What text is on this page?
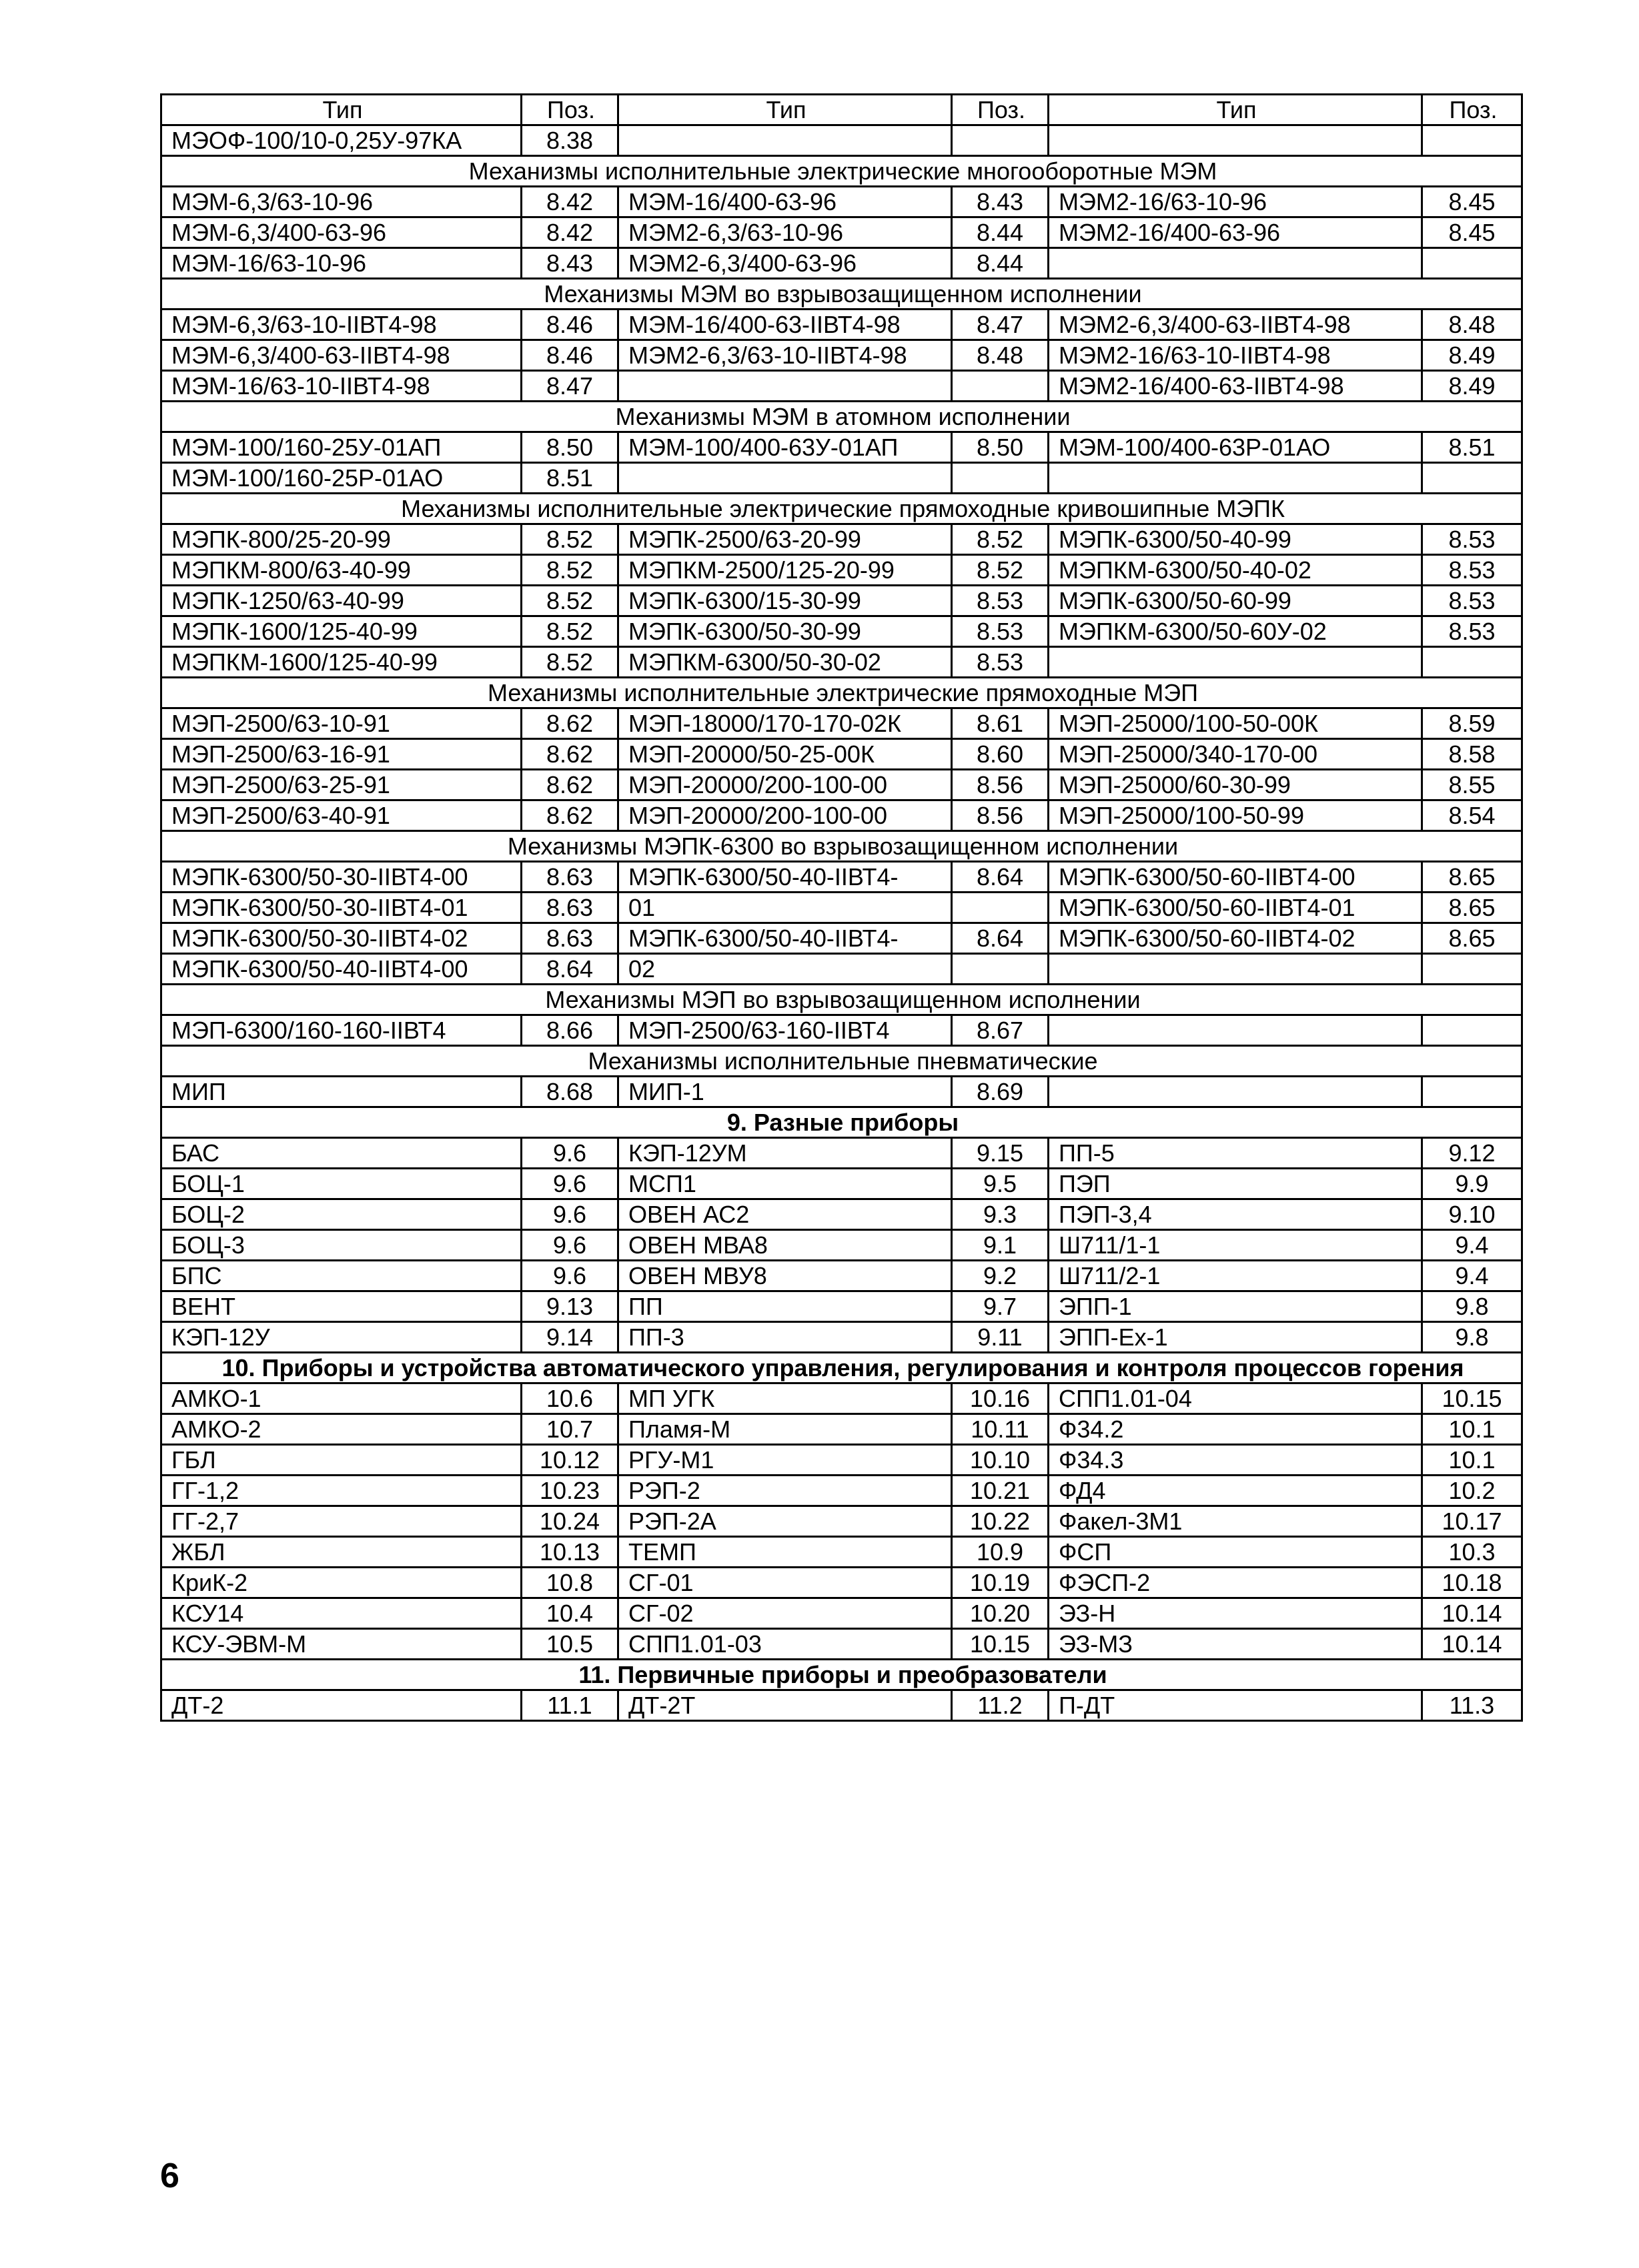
Тип	Поз.	Тип	Поз.	Тип	Поз.
МЭОФ-100/10-0,25У-97КА	8.38				
Механизмы исполнительные электрические многооборотные МЭМ					
МЭМ-6,3/63-10-96	8.42	МЭМ-16/400-63-96	8.43	МЭМ2-16/63-10-96	8.45
МЭМ-6,3/400-63-96	8.42	МЭМ2-6,3/63-10-96	8.44	МЭМ2-16/400-63-96	8.45
МЭМ-16/63-10-96	8.43	МЭМ2-6,3/400-63-96	8.44		
Механизмы МЭМ во взрывозащищенном исполнении					
МЭМ-6,3/63-10-IIВТ4-98	8.46	МЭМ-16/400-63-IIВТ4-98	8.47	МЭМ2-6,3/400-63-IIВТ4-98	8.48
МЭМ-6,3/400-63-IIВТ4-98	8.46	МЭМ2-6,3/63-10-IIВТ4-98	8.48	МЭМ2-16/63-10-IIВТ4-98	8.49
МЭМ-16/63-10-IIВТ4-98	8.47			МЭМ2-16/400-63-IIВТ4-98	8.49
Механизмы МЭМ в атомном исполнении					
МЭМ-100/160-25У-01АП	8.50	МЭМ-100/400-63У-01АП	8.50	МЭМ-100/400-63Р-01АО	8.51
МЭМ-100/160-25Р-01АО	8.51				
Механизмы исполнительные электрические прямоходные кривошипные МЭПК					
МЭПК-800/25-20-99	8.52	МЭПК-2500/63-20-99	8.52	МЭПК-6300/50-40-99	8.53
МЭПКМ-800/63-40-99	8.52	МЭПКМ-2500/125-20-99	8.52	МЭПКМ-6300/50-40-02	8.53
МЭПК-1250/63-40-99	8.52	МЭПК-6300/15-30-99	8.53	МЭПК-6300/50-60-99	8.53
МЭПК-1600/125-40-99	8.52	МЭПК-6300/50-30-99	8.53	МЭПКМ-6300/50-60У-02	8.53
МЭПКМ-1600/125-40-99	8.52	МЭПКМ-6300/50-30-02	8.53		
Механизмы исполнительные электрические прямоходные МЭП					
МЭП-2500/63-10-91	8.62	МЭП-18000/170-170-02К	8.61	МЭП-25000/100-50-00К	8.59
МЭП-2500/63-16-91	8.62	МЭП-20000/50-25-00К	8.60	МЭП-25000/340-170-00	8.58
МЭП-2500/63-25-91	8.62	МЭП-20000/200-100-00	8.56	МЭП-25000/60-30-99	8.55
МЭП-2500/63-40-91	8.62	МЭП-20000/200-100-00	8.56	МЭП-25000/100-50-99	8.54
Механизмы МЭПК-6300 во взрывозащищенном исполнении					
МЭПК-6300/50-30-IIВТ4-00	8.63	МЭПК-6300/50-40-IIВТ4-	8.64	МЭПК-6300/50-60-IIВТ4-00	8.65
МЭПК-6300/50-30-IIВТ4-01	8.63	01		МЭПК-6300/50-60-IIВТ4-01	8.65
МЭПК-6300/50-30-IIВТ4-02	8.63	МЭПК-6300/50-40-IIВТ4-	8.64	МЭПК-6300/50-60-IIВТ4-02	8.65
МЭПК-6300/50-40-IIВТ4-00	8.64	02			
Механизмы МЭП во взрывозащищенном исполнении					
МЭП-6300/160-160-IIВТ4	8.66	МЭП-2500/63-160-IIВТ4	8.67		
Механизмы исполнительные пневматические					
МИП	8.68	МИП-1	8.69		
9. Разные приборы					
БАС	9.6	КЭП-12УМ	9.15	ПП-5	9.12
БОЦ-1	9.6	МСП1	9.5	ПЭП	9.9
БОЦ-2	9.6	ОВЕН АС2	9.3	ПЭП-3,4	9.10
БОЦ-3	9.6	ОВЕН МВА8	9.1	Ш711/1-1	9.4
БПС	9.6	ОВЕН МВУ8	9.2	Ш711/2-1	9.4
ВЕНТ	9.13	ПП	9.7	ЭПП-1	9.8
КЭП-12У	9.14	ПП-3	9.11	ЭПП-Ех-1	9.8
10. Приборы и устройства автоматического управления, регулирования и контроля процессов горения					
АМКО-1	10.6	МП УГК	10.16	СПП1.01-04	10.15
АМКО-2	10.7	Пламя-М	10.11	Ф34.2	10.1
ГБЛ	10.12	РГУ-М1	10.10	Ф34.3	10.1
ГГ-1,2	10.23	РЭП-2	10.21	ФД4	10.2
ГГ-2,7	10.24	РЭП-2А	10.22	Факел-3М1	10.17
ЖБЛ	10.13	ТЕМП	10.9	ФСП	10.3
КриК-2	10.8	СГ-01	10.19	ФЭСП-2	10.18
КСУ14	10.4	СГ-02	10.20	ЭЗ-Н	10.14
КСУ-ЭВМ-М	10.5	СПП1.01-03	10.15	ЭЗ-МЗ	10.14
11. Первичные приборы и преобразователи					
ДТ-2	11.1	ДТ-2Т	11.2	П-ДТ	11.3
6
